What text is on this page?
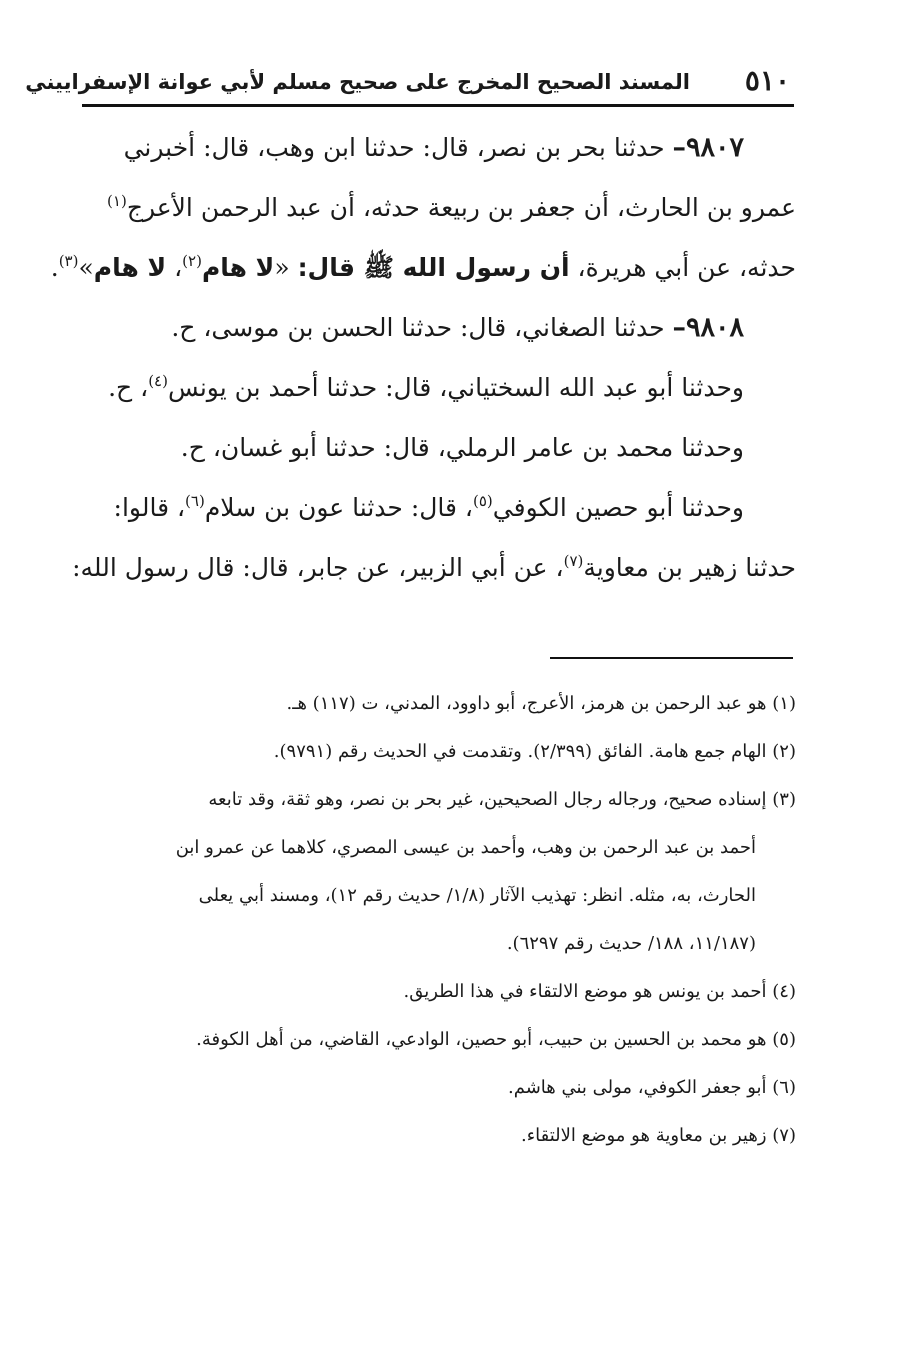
٥١٠
المسند الصحيح المخرج على صحيح مسلم لأبي عوانة الإسفراييني
٩٨٠٧– حدثنا بحر بن نصر، قال: حدثنا ابن وهب، قال: أخبرني
عمرو بن الحارث، أن جعفر بن ربيعة حدثه، أن عبد الرحمن الأعرج$^{(١)}$
حدثه، عن أبي هريرة، أن رسول الله ﷺ قال: «لا هام$^{(٢)}$، لا هام»$^{(٣)}$.
٩٨٠٨– حدثنا الصغاني، قال: حدثنا الحسن بن موسى، ح.
وحدثنا أبو عبد الله السختياني، قال: حدثنا أحمد بن يونس$^{(٤)}$، ح.
وحدثنا محمد بن عامر الرملي، قال: حدثنا أبو غسان، ح.
وحدثنا أبو حصين الكوفي$^{(٥)}$، قال: حدثنا عون بن سلام$^{(٦)}$، قالوا:
حدثنا زهير بن معاوية$^{(٧)}$، عن أبي الزبير، عن جابر، قال: قال رسول الله:
(١) هو عبد الرحمن بن هرمز، الأعرج، أبو داوود، المدني، ت (١١٧) هـ.
(٢) الهام جمع هامة. الفائق (٢/٣٩٩). وتقدمت في الحديث رقم (٩٧٩١).
(٣) إسناده صحيح، ورجاله رجال الصحيحين، غير بحر بن نصر، وهو ثقة، وقد تابعه
أحمد بن عبد الرحمن بن وهب، وأحمد بن عيسى المصري، كلاهما عن عمرو ابن
الحارث، به، مثله. انظر: تهذيب الآثار (١/٨/ حديث رقم ١٢)، ومسند أبي يعلى
(١١/١٨٧، ١٨٨/ حديث رقم ٦٢٩٧).
(٤) أحمد بن يونس هو موضع الالتقاء في هذا الطريق.
(٥) هو محمد بن الحسين بن حبيب، أبو حصين، الوادعي، القاضي، من أهل الكوفة.
(٦) أبو جعفر الكوفي، مولى بني هاشم.
(٧) زهير بن معاوية هو موضع الالتقاء.
